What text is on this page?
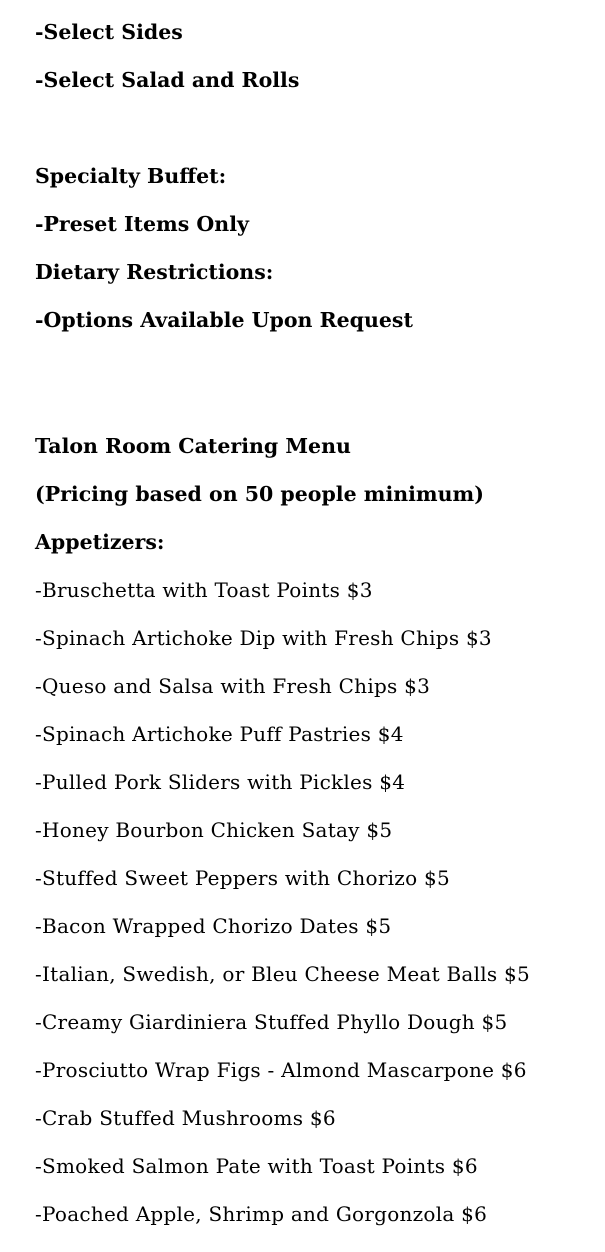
-Select Sides
-Select Salad and Rolls
Specialty Buffet:
-Preset Items Only
Dietary Restrictions:
-Options Available Upon Request
Talon Room Catering Menu
(Pricing based on 50 people minimum)
Appetizers:
-Bruschetta with Toast Points $3
-Spinach Artichoke Dip with Fresh Chips $3
-Queso and Salsa with Fresh Chips $3
-Spinach Artichoke Puff Pastries $4
-Pulled Pork Sliders with Pickles $4
-Honey Bourbon Chicken Satay $5
-Stuffed Sweet Peppers with Chorizo $5
-Bacon Wrapped Chorizo Dates $5
-Italian, Swedish, or Bleu Cheese Meat Balls $5
-Creamy Giardiniera Stuffed Phyllo Dough $5
-Prosciutto Wrap Figs - Almond Mascarpone $6
-Crab Stuffed Mushrooms $6
-Smoked Salmon Pate with Toast Points $6
-Poached Apple, Shrimp and Gorgonzola $6
